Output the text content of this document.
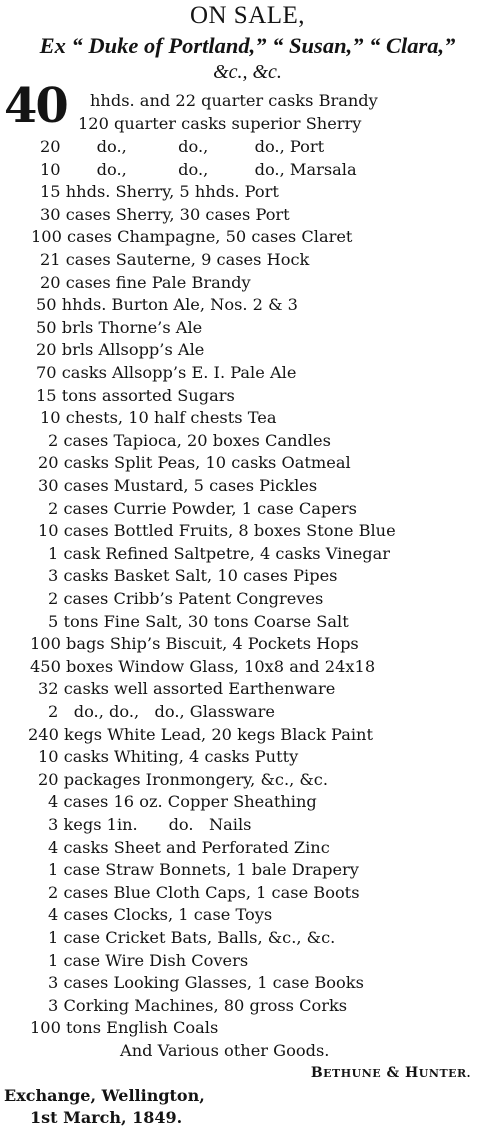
ON SALE,
Ex “ Duke of Portland,” “ Susan,” “ Clara,”
&c., &c.
40 hhds. and 22 quarter casks Brandy
120 quarter casks superior Sherry
20       do.,          do.,         do., Port
10       do.,          do.,         do., Marsala
15 hhds. Sherry, 5 hhds. Port
30 cases Sherry, 30 cases Port
100 cases Champagne, 50 cases Claret
21 cases Sauterne, 9 cases Hock
20 cases fine Pale Brandy
50 hhds. Burton Ale, Nos. 2 & 3
50 brls Thorne’s Ale
20 brls Allsopp’s Ale
70 casks Allsopp’s E. I. Pale Ale
15 tons assorted Sugars
10 chests, 10 half chests Tea
2 cases Tapioca, 20 boxes Candles
20 casks Split Peas, 10 casks Oatmeal
30 cases Mustard, 5 cases Pickles
2 cases Currie Powder, 1 case Capers
10 cases Bottled Fruits, 8 boxes Stone Blue
1 cask Refined Saltpetre, 4 casks Vinegar
3 casks Basket Salt, 10 cases Pipes
2 cases Cribb’s Patent Congreves
5 tons Fine Salt, 30 tons Coarse Salt
100 bags Ship’s Biscuit, 4 Pockets Hops
450 boxes Window Glass, 10x8 and 24x18
32 casks well assorted Earthenware
2   do., do.,   do., Glassware
240 kegs White Lead, 20 kegs Black Paint
10 casks Whiting, 4 casks Putty
20 packages Ironmongery, &c., &c.
4 cases 16 oz. Copper Sheathing
3 kegs 1in.      do.   Nails
4 casks Sheet and Perforated Zinc
1 case Straw Bonnets, 1 bale Drapery
2 cases Blue Cloth Caps, 1 case Boots
4 cases Clocks, 1 case Toys
1 case Cricket Bats, Balls, &c., &c.
1 case Wire Dish Covers
3 cases Looking Glasses, 1 case Books
3 Corking Machines, 80 gross Corks
100 tons English Coals
And Various other Goods.
BETHUNE & HUNTER.
Exchange, Wellington,
1st March, 1849.
